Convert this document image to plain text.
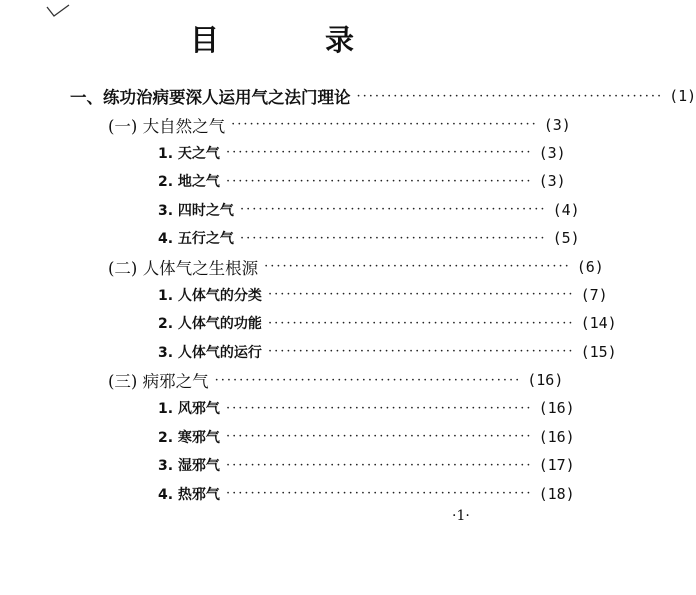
目 录
一、练功治病要深人运用气之法门理论 ·················································· (1)
(一) 大自然之气 ·················································· (3)
1. 天之气 ·················································· (3)
2. 地之气 ·················································· (3)
3. 四时之气 ·················································· (4)
4. 五行之气 ·················································· (5)
(二) 人体气之生根源 ·················································· (6)
1. 人体气的分类 ·················································· (7)
2. 人体气的功能 ·················································· (14)
3. 人体气的运行 ·················································· (15)
(三) 病邪之气 ·················································· (16)
1. 风邪气 ·················································· (16)
2. 寒邪气 ·················································· (16)
3. 湿邪气 ·················································· (17)
4. 热邪气 ·················································· (18)
·1·
